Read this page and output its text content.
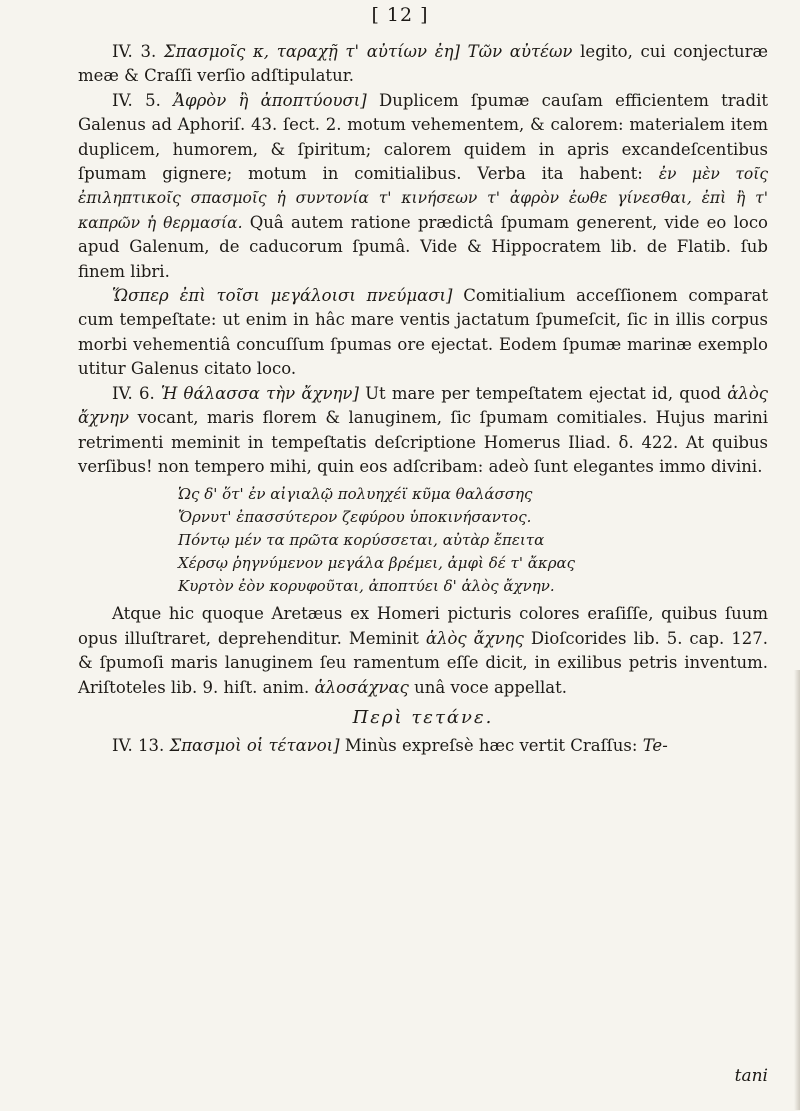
[ 12 ]

IV. 3. Σπασμοῖς κ, ταραχῇ τ' αὐτίων ἐη] Τῶν αὐτέων legito, cui conjecturæ meæ & Craſſi verſio adſtipulatur.

IV. 5. Ἀφρὸν ἢ ἀποπτύουσι] Duplicem ſpumæ cauſam efficientem tradit Galenus ad Aphoriſ. 43. ſect. 2. motum vehementem, & calorem: materialem item duplicem, humorem, & ſpiritum; calorem quidem in apris excandeſcentibus ſpumam gignere; motum in comitialibus. Verba ita habent: ἐν μὲν τοῖς ἐπιληπτικοῖς σπασμοῖς ἡ συντονία τ' κινήσεων τ' ἀφρὸν ἐωθε γίνεσθαι, ἐπὶ ἢ τ' καπρῶν ἡ θερμασία. Quâ autem ratione prædictâ ſpumam generent, vide eo loco apud Galenum, de caducorum ſpumâ. Vide & Hippocratem lib. de Flatib. ſub finem libri.

Ὥσπερ ἐπὶ τοῖσι μεγάλοισι πνεύμασι] Comitialium acceſſionem comparat cum tempeſtate: ut enim in hâc mare ventis jactatum ſpumeſcit, ſic in illis corpus morbi vehementiâ concuſſum ſpumas ore ejectat. Eodem ſpumæ marinæ exemplo utitur Galenus citato loco.

IV. 6. Ἡ θάλασσα τὴν ἄχνην] Ut mare per tempeſtatem ejectat id, quod ἁλὸς ἄχνην vocant, maris florem & lanuginem, ſic ſpumam comitiales. Hujus marini retrimenti meminit in tempeſtatis deſcriptione Homerus Iliad. δ. 422. At quibus verſibus! non tempero mihi, quin eos adſcribam: adeò ſunt elegantes immo divini.

Ὡς δ' ὅτ' ἐν αἰγιαλῷ πολυηχέϊ κῦμα θαλάσσης
Ὄρνυτ' ἐπασσύτερον ζεφύρου ὑποκινήσαντος.
Πόντῳ μέν τα πρῶτα κορύσσεται, αὐτὰρ ἔπειτα
Χέρσῳ ῥηγνύμενον μεγάλα βρέμει, ἀμφὶ δέ τ' ἄκρας
Κυρτὸν ἐὸν κορυφοῦται, ἀποπτύει δ' ἁλὸς ἄχνην.

Atque hic quoque Aretæus ex Homeri picturis colores eraſiſſe, quibus ſuum opus illuſtraret, deprehenditur. Meminit ἁλὸς ἄχνης Dioſcorides lib. 5. cap. 127. & ſpumoſi maris lanuginem ſeu ramentum eſſe dicit, in exilibus petris inventum. Ariſtoteles lib. 9. hiſt. anim. ἁλοσάχνας unâ voce appellat.

Περὶ τετάνε.

IV. 13. Σπασμοὶ οἱ τέτανοι] Minùs expreſsè hæc vertit Craſſus: Te-

tani
